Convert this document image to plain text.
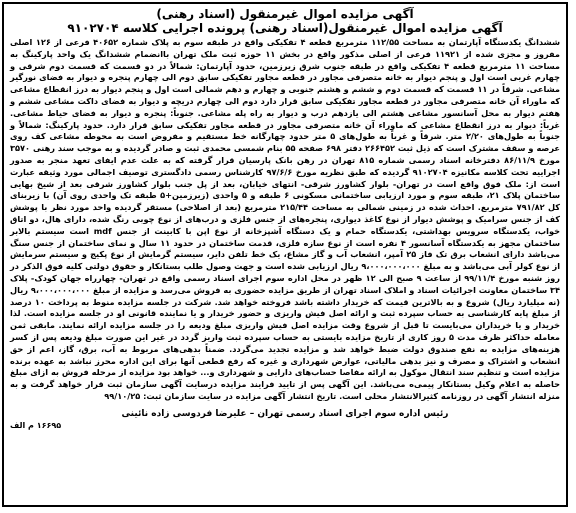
آگهی مزایده اموال غیرمنقول (اسناد رهنی)

آگهی مزایده اموال غیرمنقول(اسناد رهنی) پرونده اجرایی کلاسه ۹۱۰۲۷۰۴

ششدانگ یکدستگاه آپارتمان به مساحت ۱۱۲/۵۵ مترمربع قطعه ۴ تفکیکی واقع در طبقه سوم به پلاک شماره ۴۰۶۵۲ فرعی از ۱۲۶ اصلی مفروز و مجزی شده از ۱۱۹۲۱ فرعی از اصلی مذکور واقع در بخش ۱۱ حوزه ثبت ملک تهران باانضمام ششدانگ یک واحد پارکینگ به مساحت ۱۱ مترمربع قطعه ۴ تفکیکی واقع در طبقه جنوب شرق زیرزمین، حدود آپارتمان: شمالاً در دو قسمت که قسمت دوم شرقی و چهارم غربی است اول و پنجم دیوار به خانه متصرفی مجاور در قطعه مجاور تفکیکی سابق دوم الی چهارم پنجره و دیوار به فضای نورگیر مشاعی. شرقاً در ۱۱ قسمت که قسمت دوم و ششم و هشتم جنوبی و چهارم و دهم شمالی است اول و پنجم دیوار به درز انقطاع مشاعی که ماوراء آن خانه متصرفی مجاور در قطعه مجاور تفکیکی سابق قرار دارد دوم الی چهارم دریچه و دیوار به فضای داکت مشاعی ششم و هفتم دیوار به محل آسانسور مشاعی هشتم الی یازدهم درب و دیوار به راه پله مشاعی. جنوباً: پنجره و دیوار به فضای حیاط مشاعی. غرباً: دیوار به درز انقطاع مشاعی که ماوراء آن خانه متصرفی مجاور در قطعه مجاور تفکیکی سابق قرار دارد. حدود پارکینگ: شمالاً و جنوباً به طول‌های ۲/۲۰ متر. شرقاً و غرباً به طول‌های ۵ متر حدود چهارگانه خط مستقیم و مفروض است به محوطه مشاعی کف روی عرصه و سقف مشترک است که ذیل ثبت ۲۶۶۴۵۲ دفتر ۶۹۸ صفحه ۵۵ بنام شمسی محمدی ثبت و صادر گردیده و به موجب سند رهنی ۳۵۷۰ مورخ ۸۶/۱۱/۹ دفترخانه اسناد رسمی شماره ۸۱۵ تهران در رهن بانک پارسیان قرار گرفته که به علت عدم ایفای تعهد منجر به صدور اجراییه تحت کلاسه مکانیزه ۹۱۰۲۷۰۴ گردیده که طبق نظریه مورخ ۹۷/۶/۶ کارشناس رسمی دادگستری توصیف اجمالی مورد وثیقه عبارت است از: ملک فوق واقع است در تهران- بلوار کشاورز شرقی- انتهای خیابان، بعد از پل جنب بلوار کشاورز شرقی بعد از شیخ بهایی ساختمان پلاک ۲۱، طبقه سوم و مورد ارزیابی ساختمانی مسکونی ۶ طبقه و ۵ واحدی (زیرزمین+۵ طبقه تک واحدی روی آن) با زیربنای کل ۷۹۱/۸۲ مترمربع. احداث شده در زمینی شمالی به مساحت ۲۱۵/۴۴ مترمربع (بعد از اصلاحی) مستقر گردیده واحد مورد نظر با پوشش کف از جنس سرامیک و پوشش دیوار از نوع کاغذ دیواری، پنجره‌های از جنس فلزی و درب‌های از نوع چوبی رنگ شده، دارای هال، دو اتاق خواب، یکدستگاه سرویس بهداشتی، یکدستگاه حمام و یک دستگاه آشپزخانه از نوع اپن با کابینت از جنس mdf است سیستم بالابر ساختمان مجهز به یکدستگاه آسانسور ۴ نفره است از نوع سازه فلزی، قدمت ساختمان در حدود ۱۱ سال و نمای ساختمان از جنس سنگ می‌باشد دارای انشعاب برق تک فاز ۲۵ آمپر، انشعاب آب و گاز مشاع، یک خط تلفن دایر، سیستم گرمایش از نوع پکیج و سیستم سرمایش از نوع کولر آبی می‌باشد و به مبلغ ۹،۰۰۰،۰۰۰،۰۰۰ ریال ارزیابی شده است و جهت وصول طلب بستانکار و حقوق دولتی کلیه فوق الذکر در روز شنبه مورخ ۹۹/۱۱/۴ از ساعت ۹ صبح الی ۱۲ ظهر در محل اداره سوم اجرای اسناد رسمی واقع در تهران- چهارراه جهان کودک- پلاک ۳۴ ساختمان معاونت اجرائیات اسناد و املاک اسناد تهران از طریق مزایده حضوری به فروش می‌رسد و مزایده از مبلغ ۹،۰۰۰،۰۰۰،۰۰۰ ریال (نه میلیارد ریال) شروع و به بالاترین قیمت که خریدار داشته باشد فروخته خواهد شد. شرکت در جلسه مزایده منوط به پرداخت ۱۰ درصد از مبلغ پایه کارشناسی به حساب سپرده ثبت و ارائه اصل فیش واریزی و حضور خریدار و یا نماینده قانونی او در جلسه مزایده است. لذا خریدار و یا خریداران می‌بایست تا قبل از شروع وقت مزایده اصل فیش واریزی مبلغ ودیعه را در جلسه مزایده ارائه نمایند. مابقی ثمن معامله حداکثر ظرف مدت ۵ روز کاری از تاریخ مزایده بایستی به حساب سپرده ثبت واریز گردد در غیر این صورت مبلغ ودیعه پس از کسر هزینه‌های مزایده به نفع صندوق دولت ضبط خواهد شد و مزایده تجدید می‌گردد. ضمناً بدهی‌های مربوط به آب، برق، گاز، اعم از حق انشعاب و اشتراک و مصرف و نیز بدهی مالیاتی، عوارض شهرداری و غیره که رفع قطعی آنها برای این اداره محرز نباشد به عهده برنده مزایده است و تنظیم سند انتقال موکول به ارائه مفاصا حساب‌های دارایی و شهرداری و... خواهد بود مزایده از مرحله فروش به ازای مبلغ حاصله به اعلام وکیل بستانکار پیمی‌ه می‌باشد. این آگهی پس از تایید فرایند مزایده درسایت آگهی سازمان ثبت قرار خواهد گرفت و به منزله انتشار آگهی در روزنامه کثیرالانتشار محلی است. تاریخ انتشار آگهی مزایده در سایت سازمان ثبت: ۹۹/۱۰/۲۵

رئیس اداره سوم اجرای اسناد رسمی تهران – علیرضا فردوسی زاده نائینی
۱۶۶۹۵ م الف
